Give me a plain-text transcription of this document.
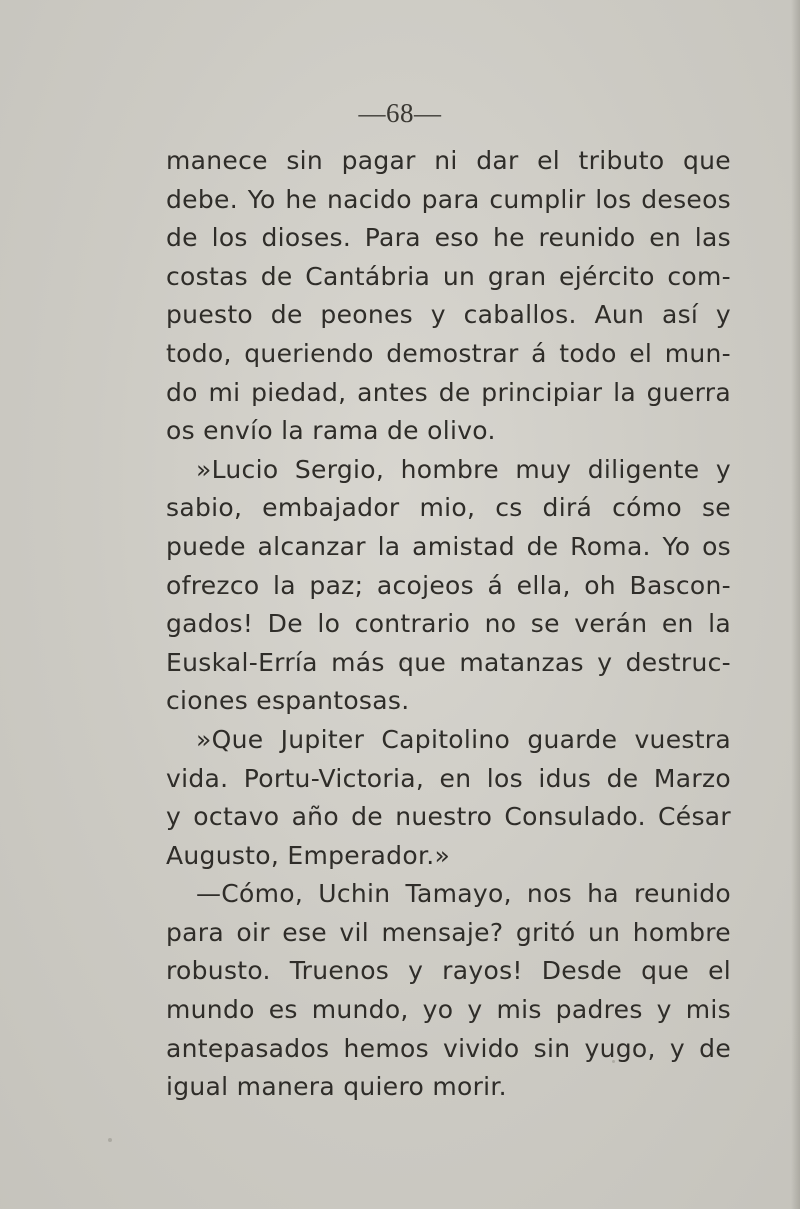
—68—
manece sin pagar ni dar el tributo que
debe. Yo he nacido para cumplir los deseos
de los dioses. Para eso he reunido en las
costas de Cantábria un gran ejército com-
puesto de peones y caballos. Aun así y
todo, queriendo demostrar á todo el mun-
do mi piedad, antes de principiar la guerra
os envío la rama de olivo.
»Lucio Sergio, hombre muy diligente y
sabio, embajador mio, cs dirá cómo se
puede alcanzar la amistad de Roma. Yo os
ofrezco la paz; acojeos á ella, oh Bascon-
gados! De lo contrario no se verán en la
Euskal-Erría más que matanzas y destruc-
ciones espantosas.
»Que Jupiter Capitolino guarde vuestra
vida. Portu-Victoria, en los idus de Marzo
y octavo año de nuestro Consulado. César
Augusto, Emperador.»
—Cómo, Uchin Tamayo, nos ha reunido
para oir ese vil mensaje? gritó un hombre
robusto. Truenos y rayos! Desde que el
mundo es mundo, yo y mis padres y mis
antepasados hemos vivido sin yugo, y de
igual manera quiero morir.
